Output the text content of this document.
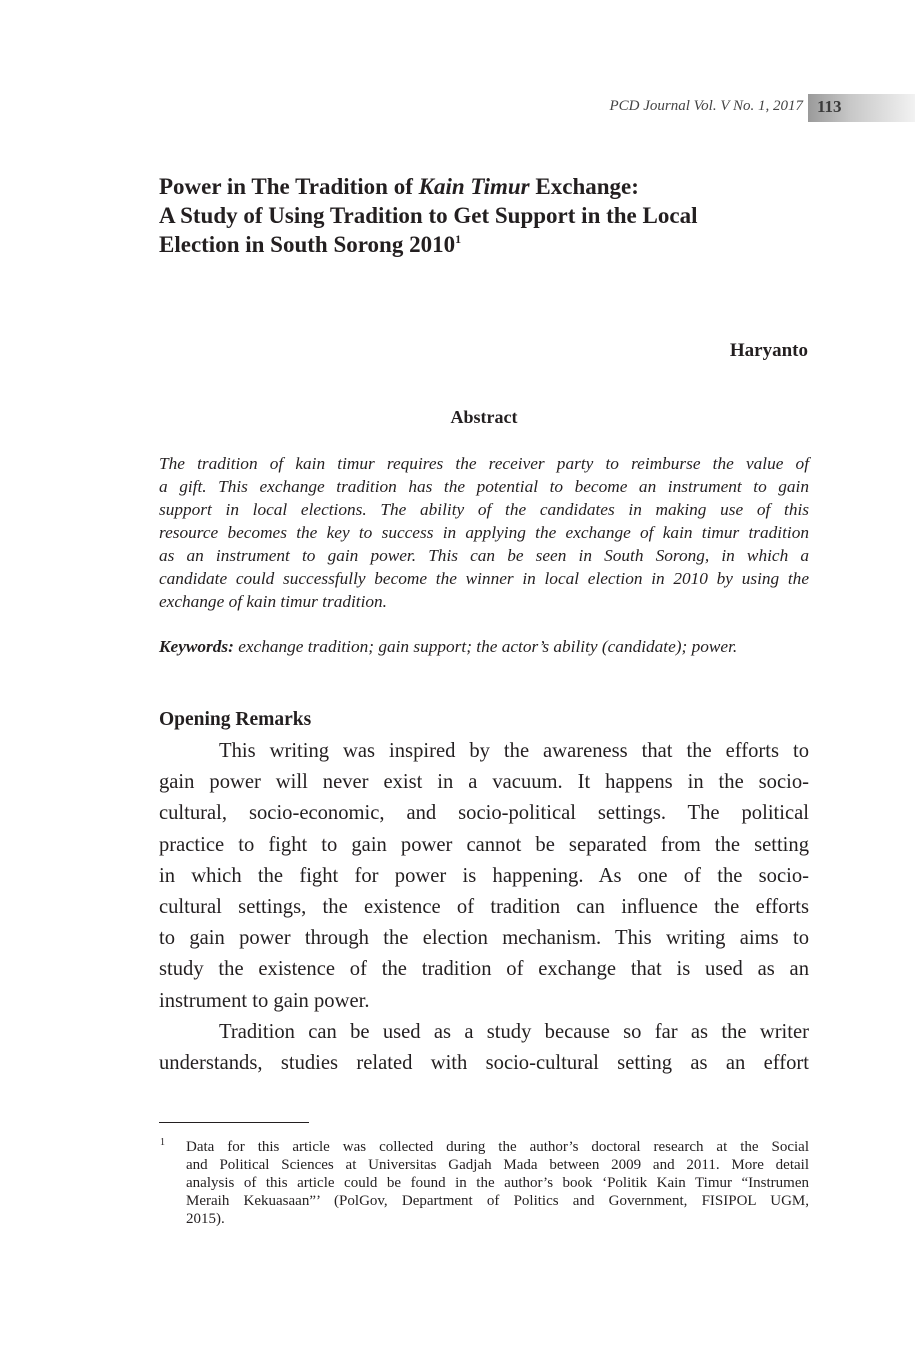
PCD Journal Vol. V No. 1, 2017 113
Power in The Tradition of Kain Timur Exchange:
A Study of Using Tradition to Get Support in the Local
Election in South Sorong 2010$^1$
Haryanto
Abstract
The tradition of kain timur requires the receiver party to reimburse the value of
a gift. This exchange tradition has the potential to become an instrument to gain
support in local elections. The ability of the candidates in making use of this
resource becomes the key to success in applying the exchange of kain timur tradition
as an instrument to gain power. This can be seen in South Sorong, in which a
candidate could successfully become the winner in local election in 2010 by using the
exchange of kain timur tradition.
Keywords: exchange tradition; gain support; the actor’s ability (candidate); power.
Opening Remarks
This writing was inspired by the awareness that the efforts to
gain power will never exist in a vacuum. It happens in the socio-
cultural, socio-economic, and socio-political settings. The political
practice to fight to gain power cannot be separated from the setting
in which the fight for power is happening. As one of the socio-
cultural settings, the existence of tradition can influence the efforts
to gain power through the election mechanism. This writing aims to
study the existence of the tradition of exchange that is used as an
instrument to gain power.
Tradition can be used as a study because so far as the writer
understands, studies related with socio-cultural setting as an effort
1 Data for this article was collected during the author’s doctoral research at the Social
and Political Sciences at Universitas Gadjah Mada between 2009 and 2011. More detail
analysis of this article could be found in the author’s book ‘Politik Kain Timur “Instrumen
Meraih Kekuasaan”’ (PolGov, Department of Politics and Government, FISIPOL UGM,
2015).
